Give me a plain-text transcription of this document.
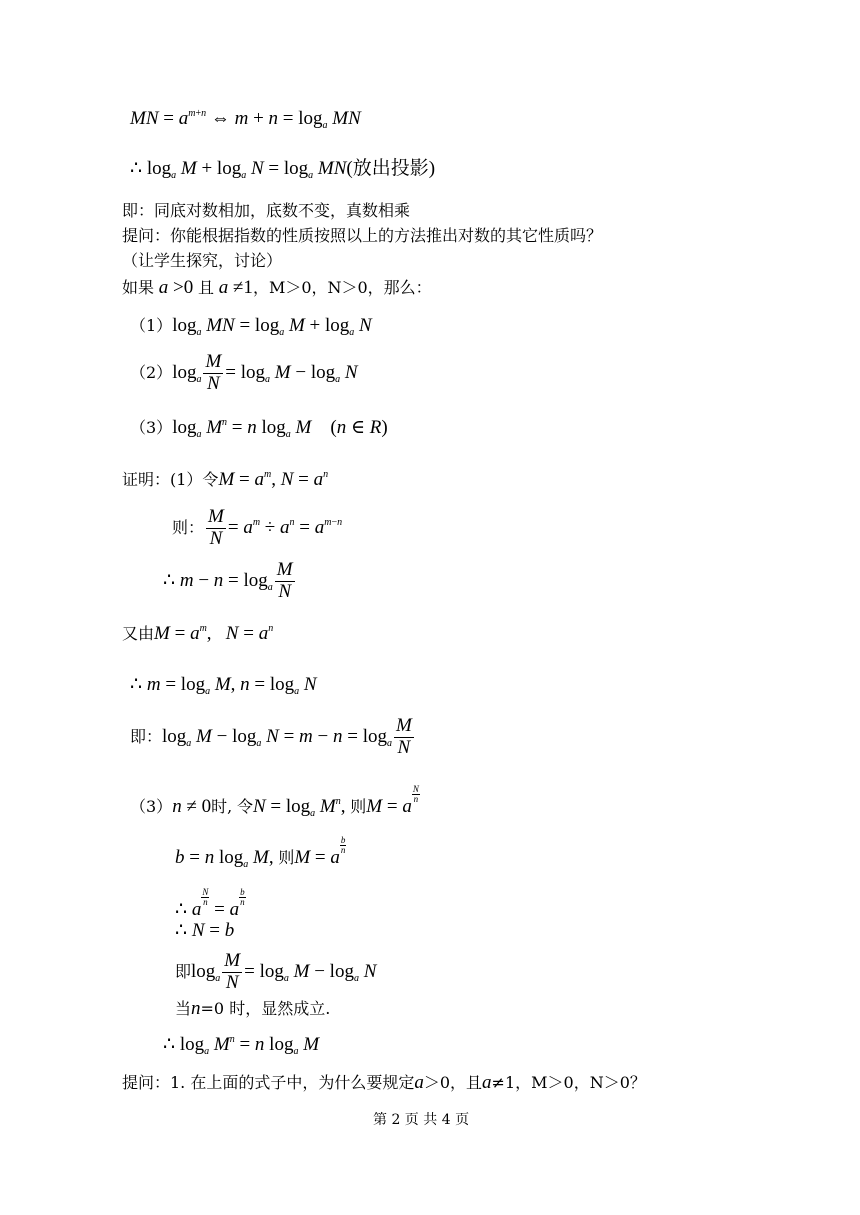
MN = $a^{m+n}$ ⇔ $m + n = \log_a$ MN
∴ $\log_a M + \log_a N = \log_a MN$(放出投影)
即：同底对数相加，底数不变，真数相乘
提问：你能根据指数的性质按照以上的方法推出对数的其它性质吗？
（让学生探究，讨论）
如果 a >0 且 a ≠1，M＞0，N＞0，那么：
$(1)\log_a$ MN = $\log_a M + \log_a N$
$(2)\log_a \frac{M}{N} = \log_a M - \log_a N$
$(3)\log_a$ $M^n = n$ $\log_a M$    (n ∈ R)
证明：(1）令$M = a^m$, $N = a^n$
则： $\frac{M}{N} = a^m \div a^n = a^{m-n}$
∴ $m - n = \log_a \frac{M}{N}$
又由$M = a^m$,   $N = a^n$
∴ $m = \log_a M$, $n = \log_a N$
即：$\log_a M - \log_a N = m - n = \log_a \frac{M}{N}$
（3）n ≠ 0时, 令$N = \log_a M^n$, 则M = a
$\frac{N}{n}$
b = n $\log_a M$, 则M = a
$\frac{b}{n}$
∴ a
$\frac{N}{n}$
= a
$\frac{b}{n}$
∴ N = b
即$\log_a \frac{M}{N} = \log_a M - \log_a N$
当n=0 时，显然成立.
∴ $\log_a M^n = n$ $\log_a M$
提问：1. 在上面的式子中，为什么要规定a＞0，且a≠1，M＞0，N＞0？
第 2 页 共 4 页
